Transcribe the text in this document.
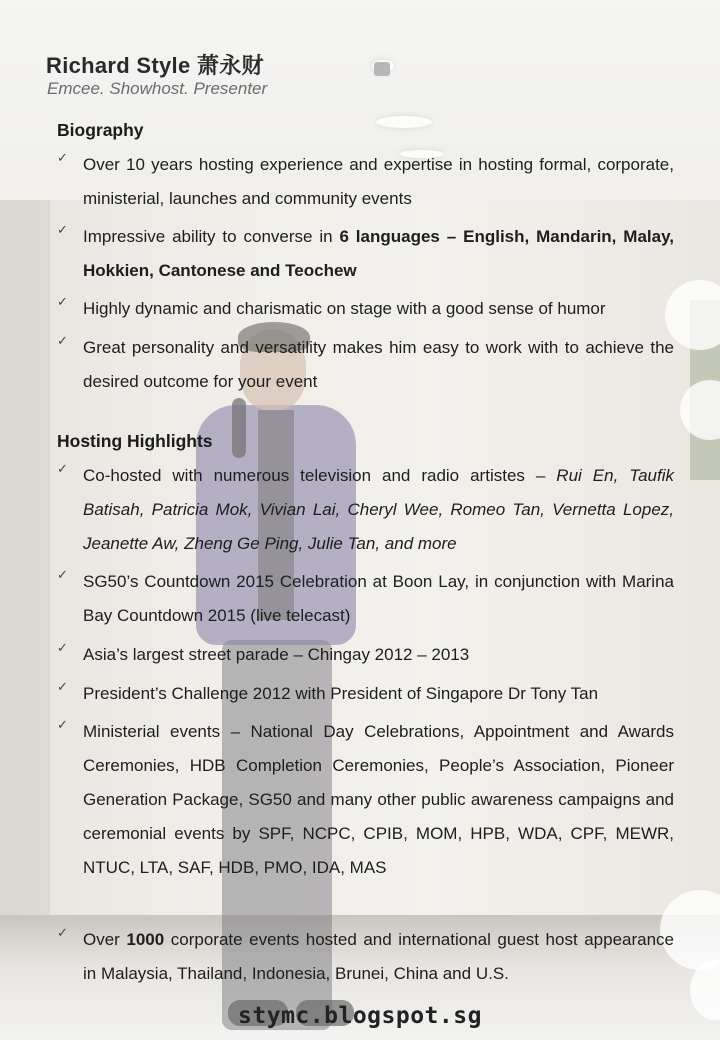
Richard Style 萧永财
Emcee. Showhost. Presenter
Biography
✓ Over 10 years hosting experience and expertise in hosting formal, corporate, ministerial, launches and community events
✓ Impressive ability to converse in 6 languages – English, Mandarin, Malay, Hokkien, Cantonese and Teochew
✓ Highly dynamic and charismatic on stage with a good sense of humor
✓ Great personality and versatility makes him easy to work with to achieve the desired outcome for your event
Hosting Highlights
✓ Co-hosted with numerous television and radio artistes – Rui En, Taufik Batisah, Patricia Mok, Vivian Lai, Cheryl Wee, Romeo Tan, Vernetta Lopez, Jeanette Aw, Zheng Ge Ping, Julie Tan, and more
✓ SG50’s Countdown 2015 Celebration at Boon Lay, in conjunction with Marina Bay Countdown 2015 (live telecast)
✓ Asia’s largest street parade – Chingay 2012 – 2013
✓ President’s Challenge 2012 with President of Singapore Dr Tony Tan
✓ Ministerial events – National Day Celebrations, Appointment and Awards Ceremonies, HDB Completion Ceremonies, People’s Association, Pioneer Generation Package, SG50 and many other public awareness campaigns and ceremonial events by SPF, NCPC, CPIB, MOM, HPB, WDA, CPF, MEWR, NTUC, LTA, SAF, HDB, PMO, IDA, MAS
✓ Over 1000 corporate events hosted and international guest host appearance in Malaysia, Thailand, Indonesia, Brunei, China and U.S.
stymc.blogspot.sg
